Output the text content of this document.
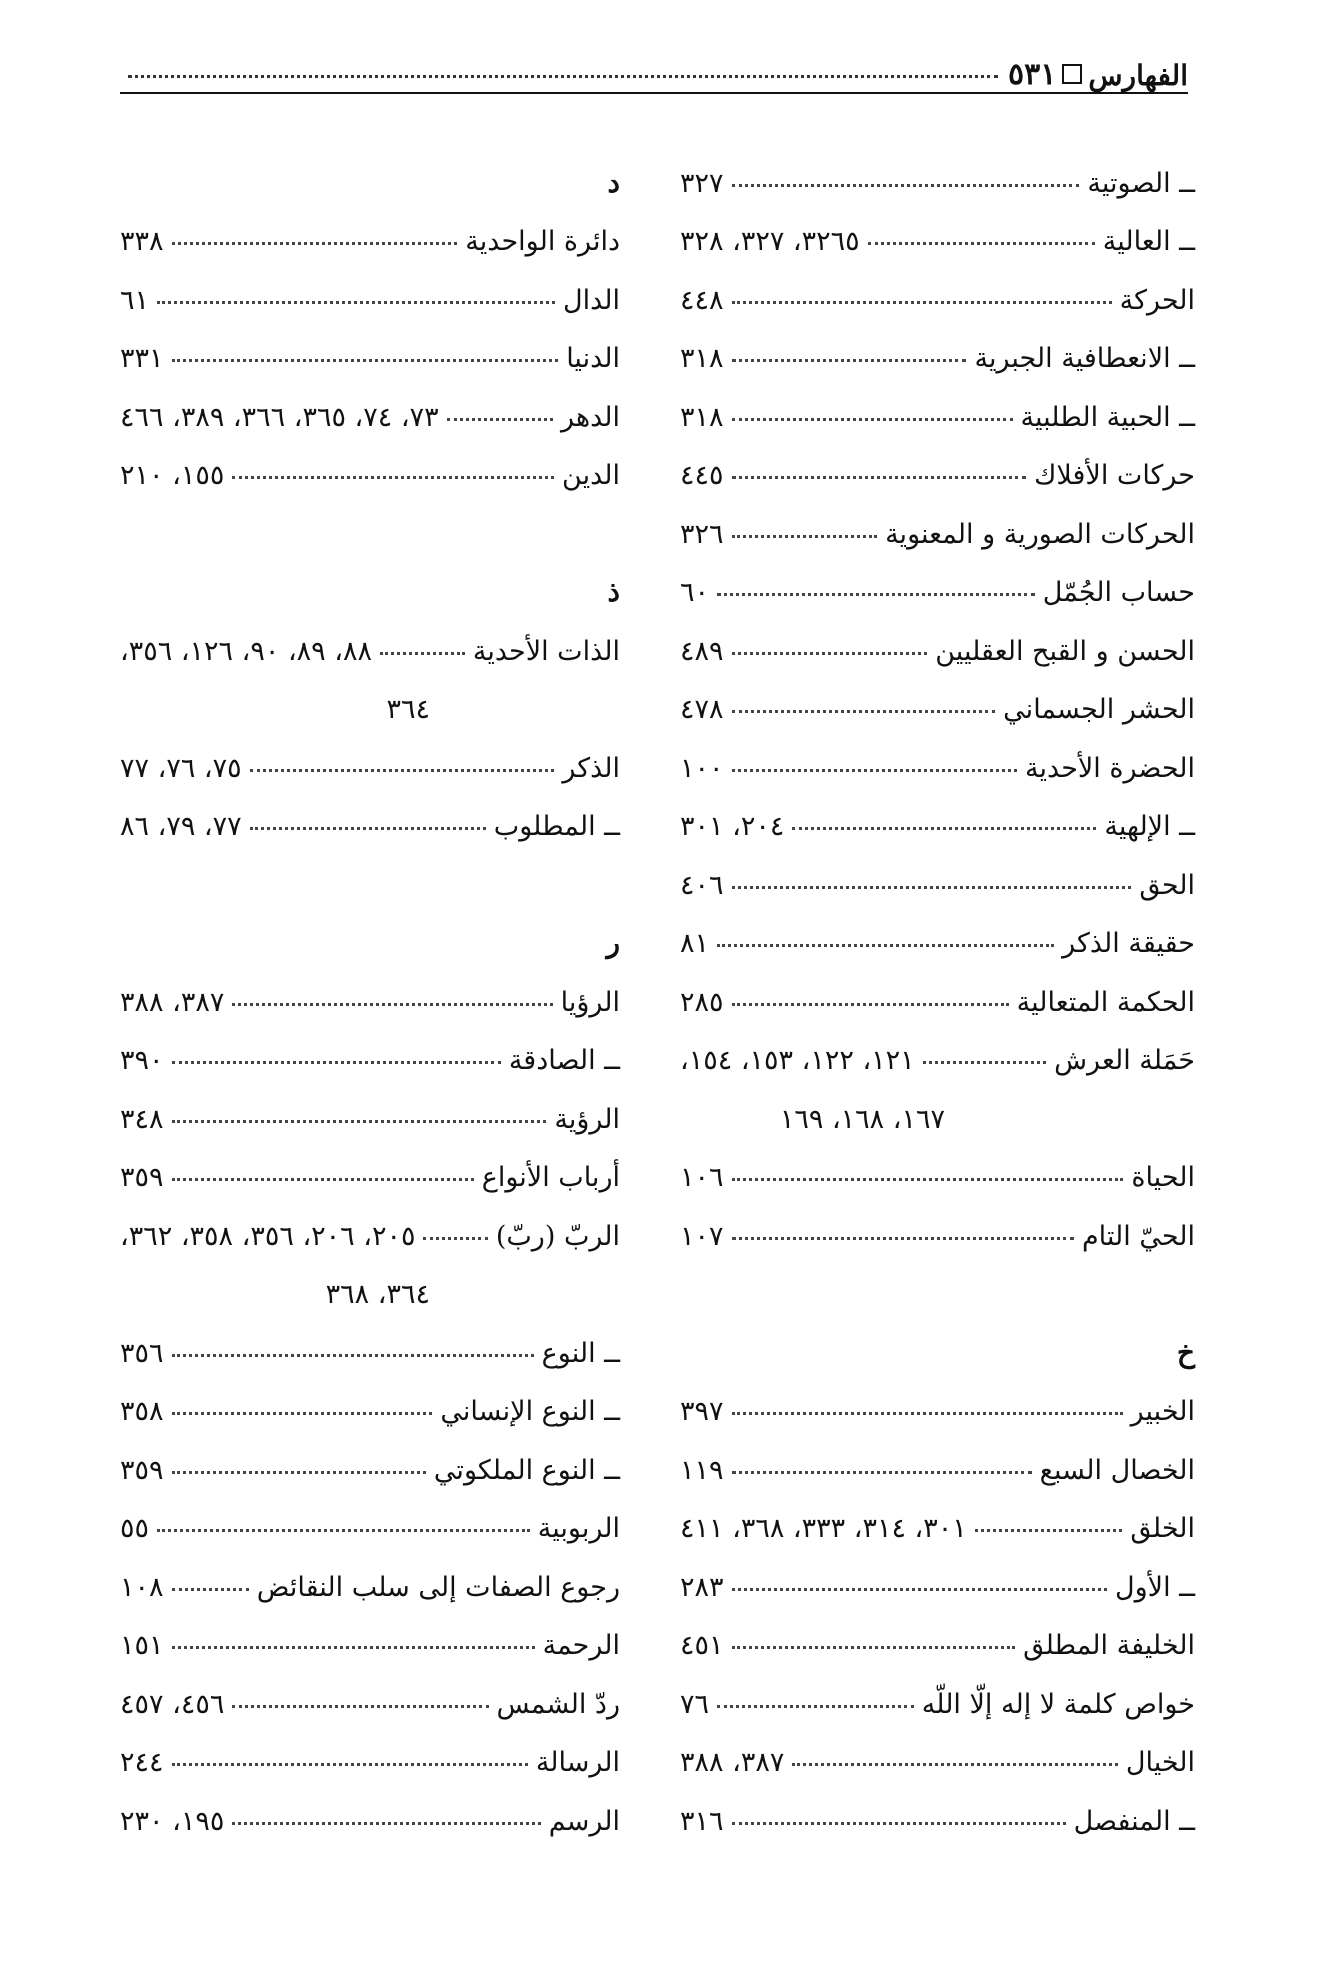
الفهارس
٥٣١
ــ الصوتية
٣٢٧
ــ العالية
٣٢٦٥، ٣٢٧، ٣٢٨
الحركة
٤٤٨
ــ الانعطافية الجبرية
٣١٨
ــ الحبية الطلبية
٣١٨
حركات الأفلاك
٤٤٥
الحركات الصورية و المعنوية
٣٢٦
حساب الجُمّل
٦٠
الحسن و القبح العقليين
٤٨٩
الحشر الجسماني
٤٧٨
الحضرة الأحدية
١٠٠
ــ الإلهية
٢٠٤، ٣٠١
الحق
٤٠٦
حقيقة الذكر
٨١
الحكمة المتعالية
٢٨٥
حَمَلة العرش
١٢١، ١٢٢، ١٥٣، ١٥٤،
١٦٧، ١٦٨، ١٦٩
الحياة
١٠٦
الحيّ التام
١٠٧
خ
الخبير
٣٩٧
الخصال السبع
١١٩
الخلق
٣٠١، ٣١٤، ٣٣٣، ٣٦٨، ٤١١
ــ الأول
٢٨٣
الخليفة المطلق
٤٥١
خواص كلمة لا إله إلّا اللّه
٧٦
الخيال
٣٨٧، ٣٨٨
ــ المنفصل
٣١٦
د
دائرة الواحدية
٣٣٨
الدال
٦١
الدنيا
٣٣١
الدهر
٧٣، ٧٤، ٣٦٥، ٣٦٦، ٣٨٩، ٤٦٦
الدين
١٥٥، ٢١٠
ذ
الذات الأحدية
٨٨، ٨٩، ٩٠، ١٢٦، ٣٥٦،
٣٦٤
الذكر
٧٥، ٧٦، ٧٧
ــ المطلوب
٧٧، ٧٩، ٨٦
ر
الرؤيا
٣٨٧، ٣٨٨
ــ الصادقة
٣٩٠
الرؤية
٣٤٨
أرباب الأنواع
٣٥٩
الربّ (ربّ)
٢٠٥، ٢٠٦، ٣٥٦، ٣٥٨، ٣٦٢،
٣٦٤، ٣٦٨
ــ النوع
٣٥٦
ــ النوع الإنساني
٣٥٨
ــ النوع الملكوتي
٣٥٩
الربوبية
٥٥
رجوع الصفات إلى سلب النقائض
١٠٨
الرحمة
١٥١
ردّ الشمس
٤٥٦، ٤٥٧
الرسالة
٢٤٤
الرسم
١٩٥، ٢٣٠
